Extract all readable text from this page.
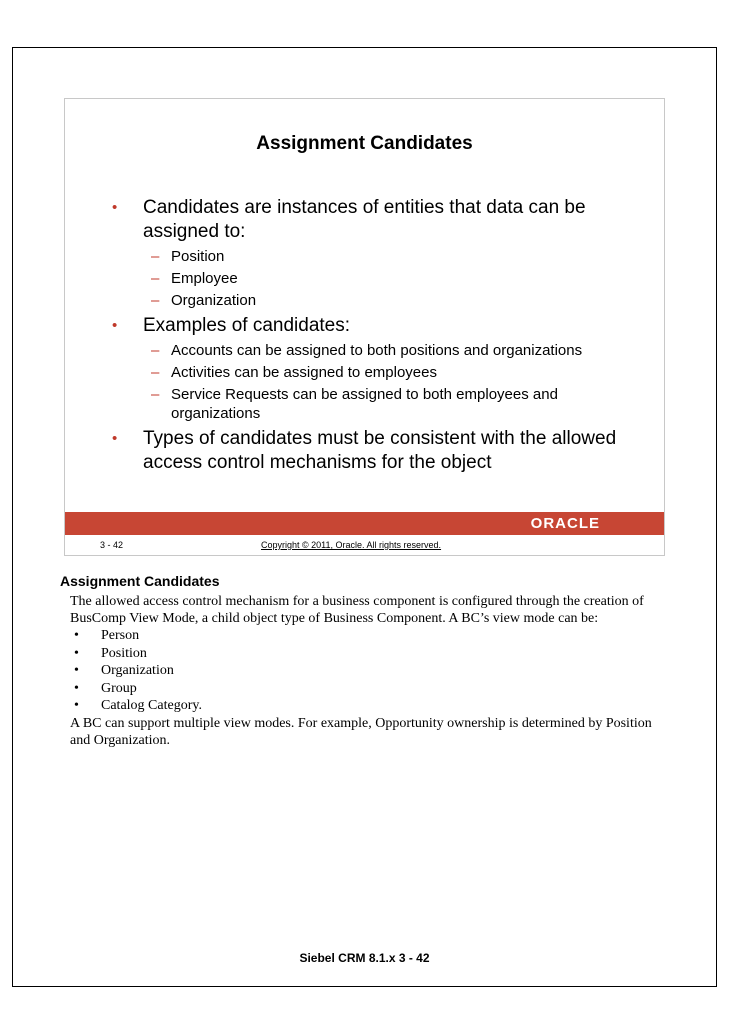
Assignment Candidates
• Candidates are instances of entities that data can be assigned to:
– Position
– Employee
– Organization
• Examples of candidates:
– Accounts can be assigned to both positions and organizations
– Activities can be assigned to employees
– Service Requests can be assigned to both employees and organizations
• Types of candidates must be consistent with the allowed access control mechanisms for the object
ORACLE
3 - 42	Copyright © 2011, Oracle. All rights reserved.
Assignment Candidates

The allowed access control mechanism for a business component is configured through the creation of BusComp View Mode, a child object type of Business Component. A BC’s view mode can be:

• Person
• Position
• Organization
• Group
• Catalog Category.

A BC can support multiple view modes. For example, Opportunity ownership is determined by Position and Organization.

Siebel CRM 8.1.x 3 - 42
